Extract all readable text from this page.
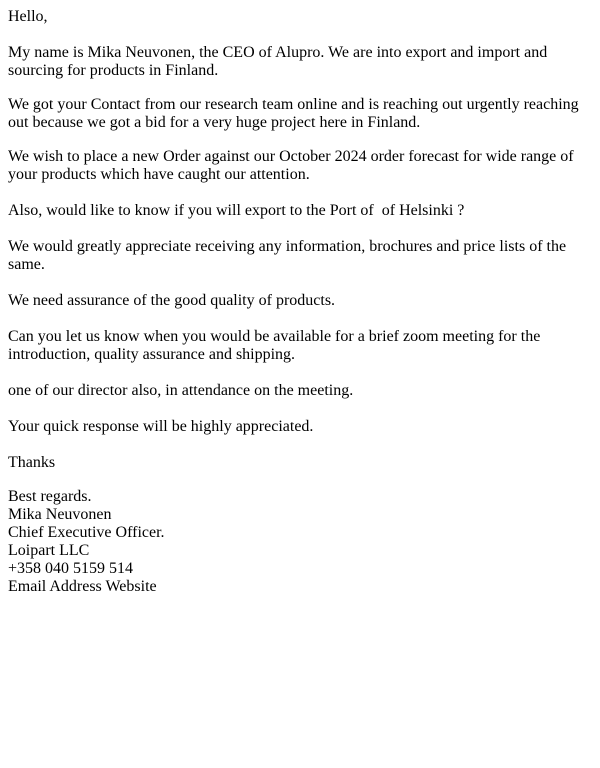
Hello,

My name is Mika Neuvonen, the CEO of Alupro. We are into export and import and sourcing for products in Finland.

We got your Contact from our research team online and is reaching out urgently reaching out because we got a bid for a very huge project here in Finland.

We wish to place a new Order against our October 2024 order forecast for wide range of your products which have caught our attention.

Also, would like to know if you will export to the Port of  of Helsinki ?

We would greatly appreciate receiving any information, brochures and price lists of the same.

We need assurance of the good quality of products.

Can you let us know when you would be available for a brief zoom meeting for the introduction, quality assurance and shipping.

one of our director also, in attendance on the meeting.

Your quick response will be highly appreciated.

Thanks

Best regards.

Mika Neuvonen

Chief Executive Officer.

Loipart LLC

+358 040 5159 514

Email Address Website
